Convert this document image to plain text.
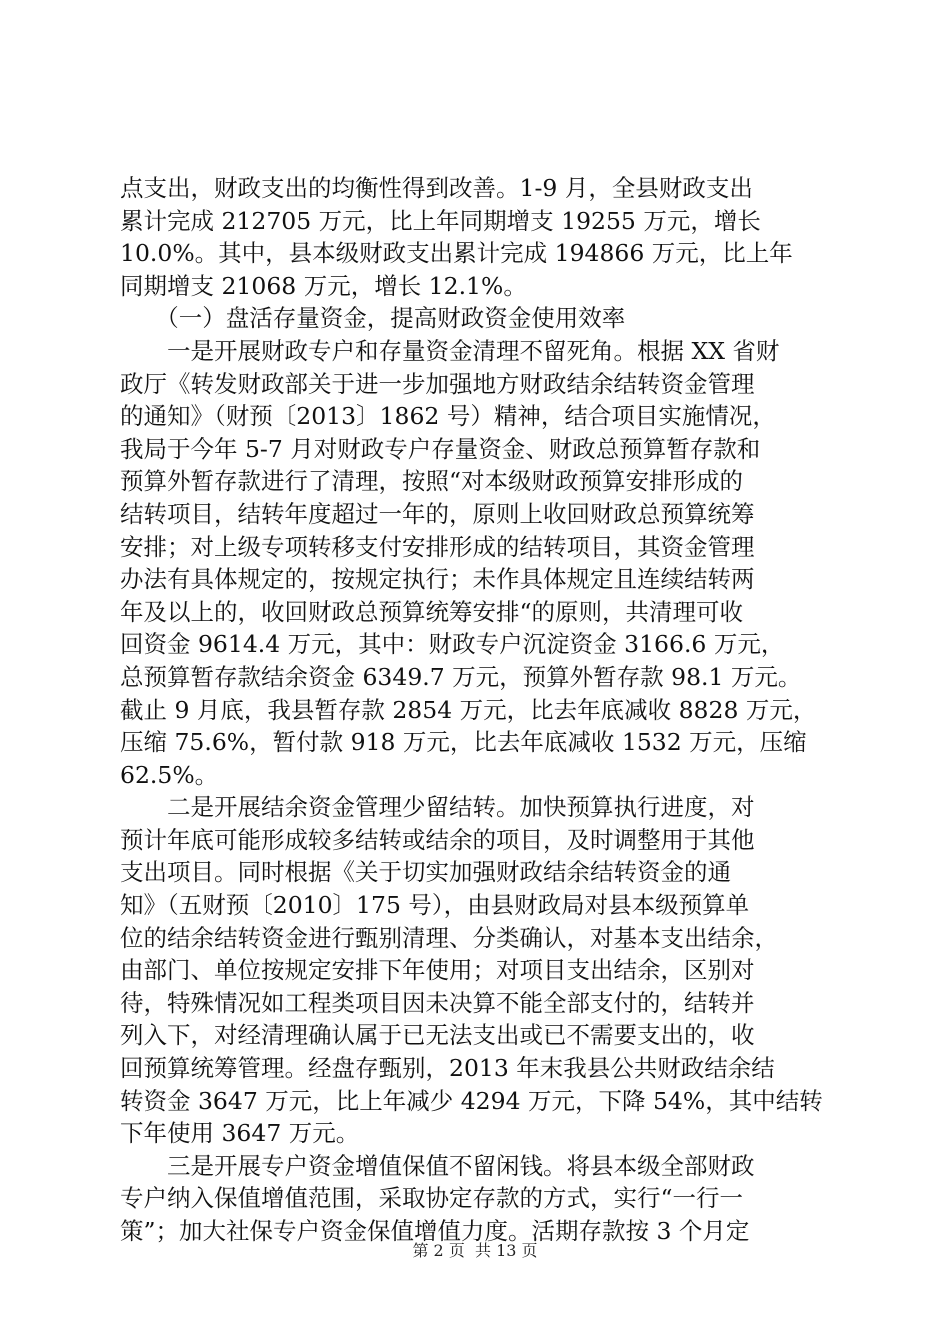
点支出，财政支出的均衡性得到改善。1-9 月，全县财政支出
累计完成 212705 万元，比上年同期增支 19255 万元，增长
10.0%。其中，县本级财政支出累计完成 194866 万元，比上年
同期增支 21068 万元，增长 12.1%。
　　（一）盘活存量资金，提高财政资金使用效率
　　一是开展财政专户和存量资金清理不留死角。根据 XX 省财
政厅《转发财政部关于进一步加强地方财政结余结转资金管理
的通知》（财预〔2013〕1862 号）精神，结合项目实施情况，
我局于今年 5-7 月对财政专户存量资金、财政总预算暂存款和
预算外暂存款进行了清理，按照“对本级财政预算安排形成的
结转项目，结转年度超过一年的，原则上收回财政总预算统筹
安排；对上级专项转移支付安排形成的结转项目，其资金管理
办法有具体规定的，按规定执行；未作具体规定且连续结转两
年及以上的，收回财政总预算统筹安排“的原则，共清理可收
回资金 9614.4 万元，其中：财政专户沉淀资金 3166.6 万元，
总预算暂存款结余资金 6349.7 万元，预算外暂存款 98.1 万元。
截止 9 月底，我县暂存款 2854 万元，比去年底减收 8828 万元，
压缩 75.6%，暂付款 918 万元，比去年底减收 1532 万元，压缩
62.5%。
　　二是开展结余资金管理少留结转。加快预算执行进度，对
预计年底可能形成较多结转或结余的项目，及时调整用于其他
支出项目。同时根据《关于切实加强财政结余结转资金的通
知》（五财预〔2010〕175 号），由县财政局对县本级预算单
位的结余结转资金进行甄别清理、分类确认，对基本支出结余，
由部门、单位按规定安排下年使用；对项目支出结余，区别对
待，特殊情况如工程类项目因未决算不能全部支付的，结转并
列入下，对经清理确认属于已无法支出或已不需要支出的，收
回预算统筹管理。经盘存甄别，2013 年末我县公共财政结余结
转资金 3647 万元，比上年减少 4294 万元，下降 54%，其中结转
下年使用 3647 万元。
　　三是开展专户资金增值保值不留闲钱。将县本级全部财政
专户纳入保值增值范围，采取协定存款的方式，实行“一行一
策”；加大社保专户资金保值增值力度。活期存款按 3 个月定
第 2 页  共 13 页
